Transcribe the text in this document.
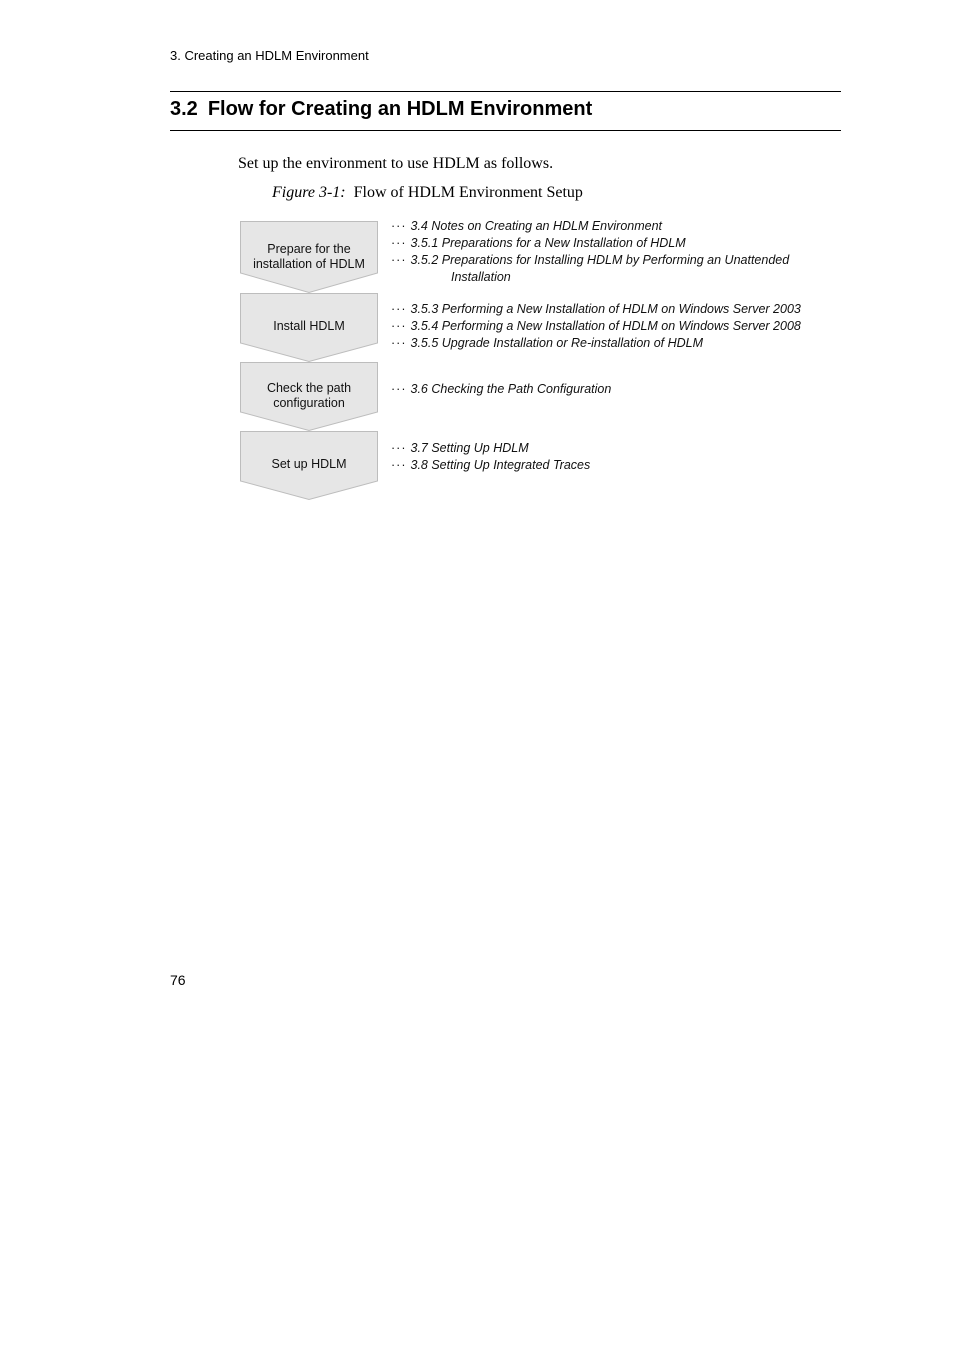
3. Creating an HDLM Environment
3.2 Flow for Creating an HDLM Environment

Set up the environment to use HDLM as follows.

Figure 3-1: Flow of HDLM Environment Setup
Prepare for the
installation of HDLM
··· 3.4 Notes on Creating an HDLM Environment
··· 3.5.1 Preparations for a New Installation of HDLM
··· 3.5.2 Preparations for Installing HDLM by Performing an Unattended
Installation
Install HDLM
··· 3.5.3 Performing a New Installation of HDLM on Windows Server 2003
··· 3.5.4 Performing a New Installation of HDLM on Windows Server 2008
··· 3.5.5 Upgrade Installation or Re-installation of HDLM
Check the path
configuration
··· 3.6 Checking the Path Configuration
Set up HDLM
··· 3.7 Setting Up HDLM
··· 3.8 Setting Up Integrated Traces
76
